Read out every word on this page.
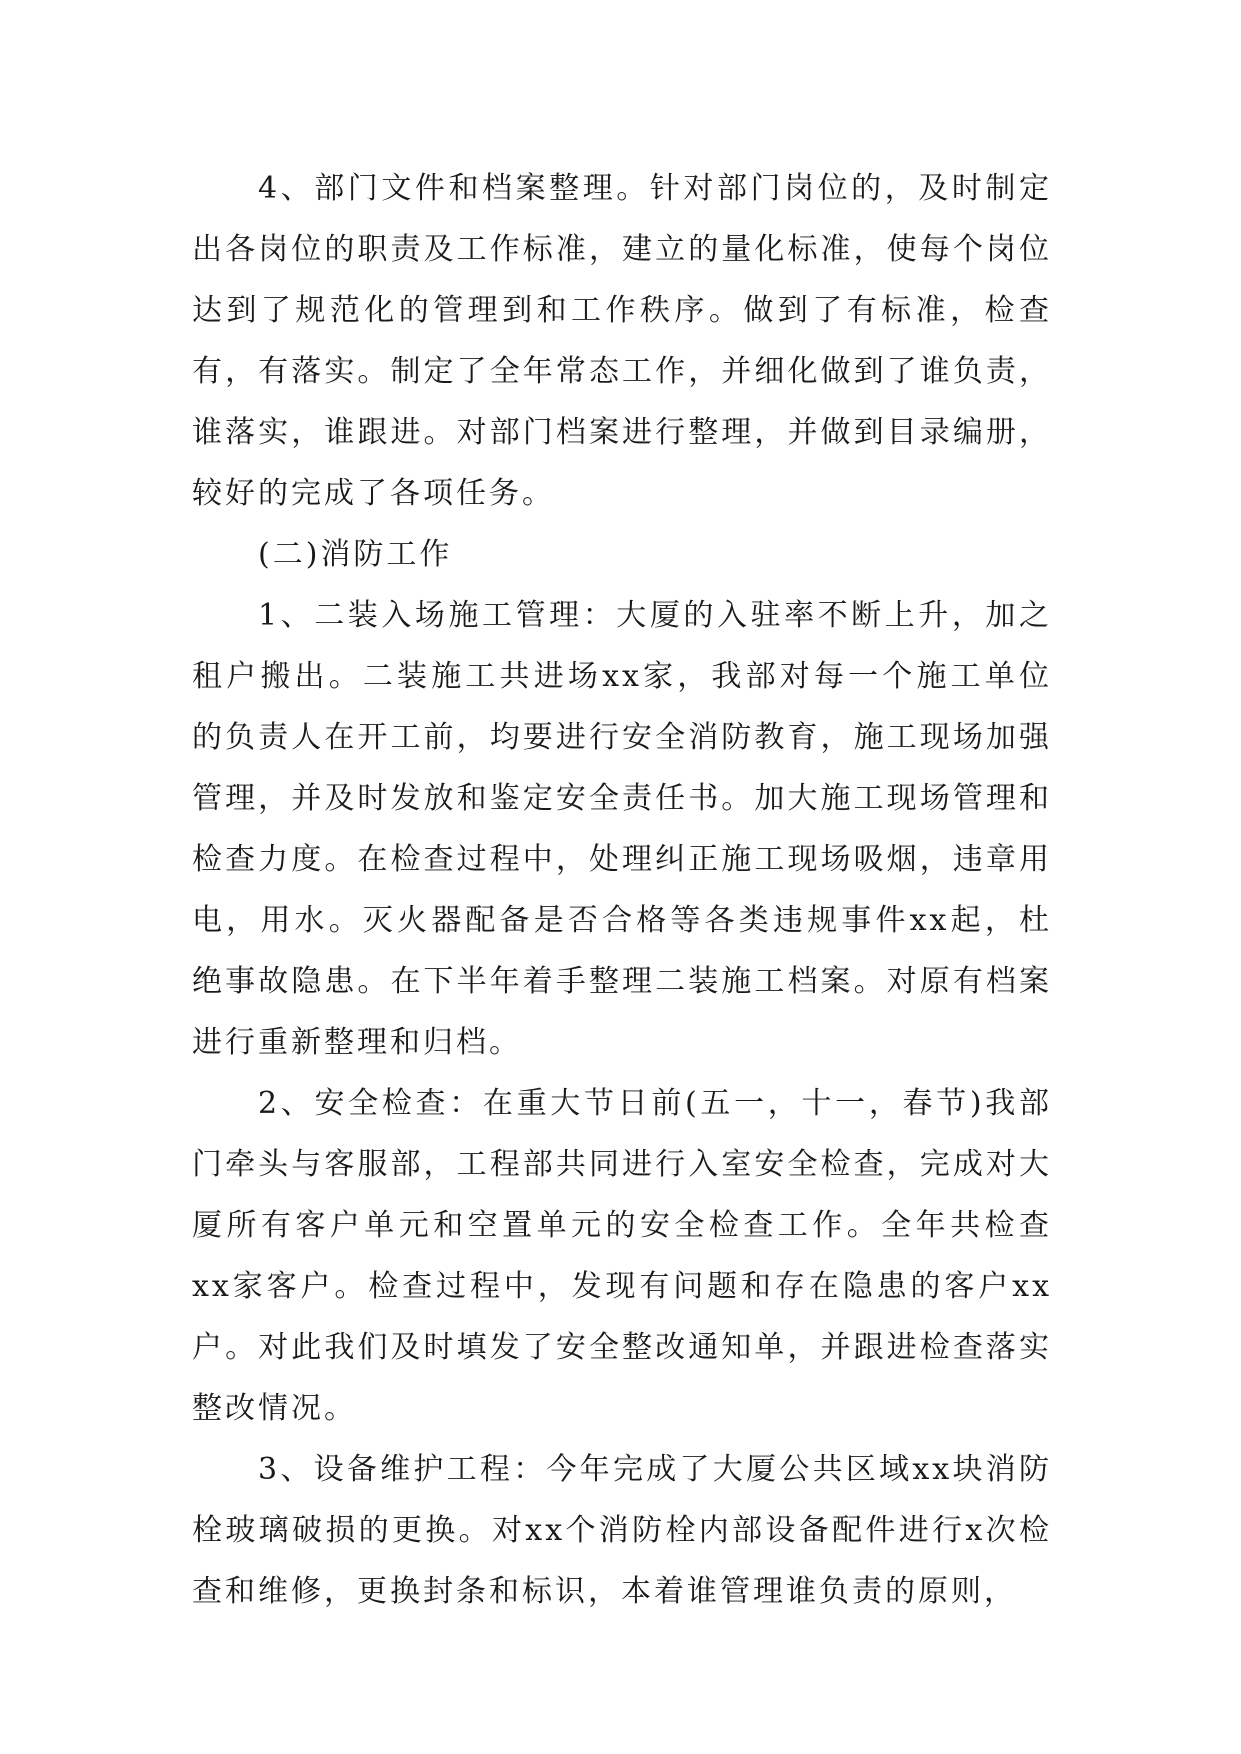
4、部门文件和档案整理。针对部门岗位的，及时制定出各岗位的职责及工作标准，建立的量化标准，使每个岗位达到了规范化的管理到和工作秩序。做到了有标准，检查有，有落实。制定了全年常态工作，并细化做到了谁负责，谁落实，谁跟进。对部门档案进行整理，并做到目录编册，较好的完成了各项任务。

(二)消防工作

1、二装入场施工管理：大厦的入驻率不断上升，加之租户搬出。二装施工共进场xx家，我部对每一个施工单位的负责人在开工前，均要进行安全消防教育，施工现场加强管理，并及时发放和鉴定安全责任书。加大施工现场管理和检查力度。在检查过程中，处理纠正施工现场吸烟，违章用电，用水。灭火器配备是否合格等各类违规事件xx起，杜绝事故隐患。在下半年着手整理二装施工档案。对原有档案进行重新整理和归档。

2、安全检查：在重大节日前(五一，十一，春节)我部门牵头与客服部，工程部共同进行入室安全检查，完成对大厦所有客户单元和空置单元的安全检查工作。全年共检查xx家客户。检查过程中，发现有问题和存在隐患的客户xx户。对此我们及时填发了安全整改通知单，并跟进检查落实整改情况。

3、设备维护工程：今年完成了大厦公共区域xx块消防栓玻璃破损的更换。对xx个消防栓内部设备配件进行x次检查和维修，更换封条和标识，本着谁管理谁负责的原则，
